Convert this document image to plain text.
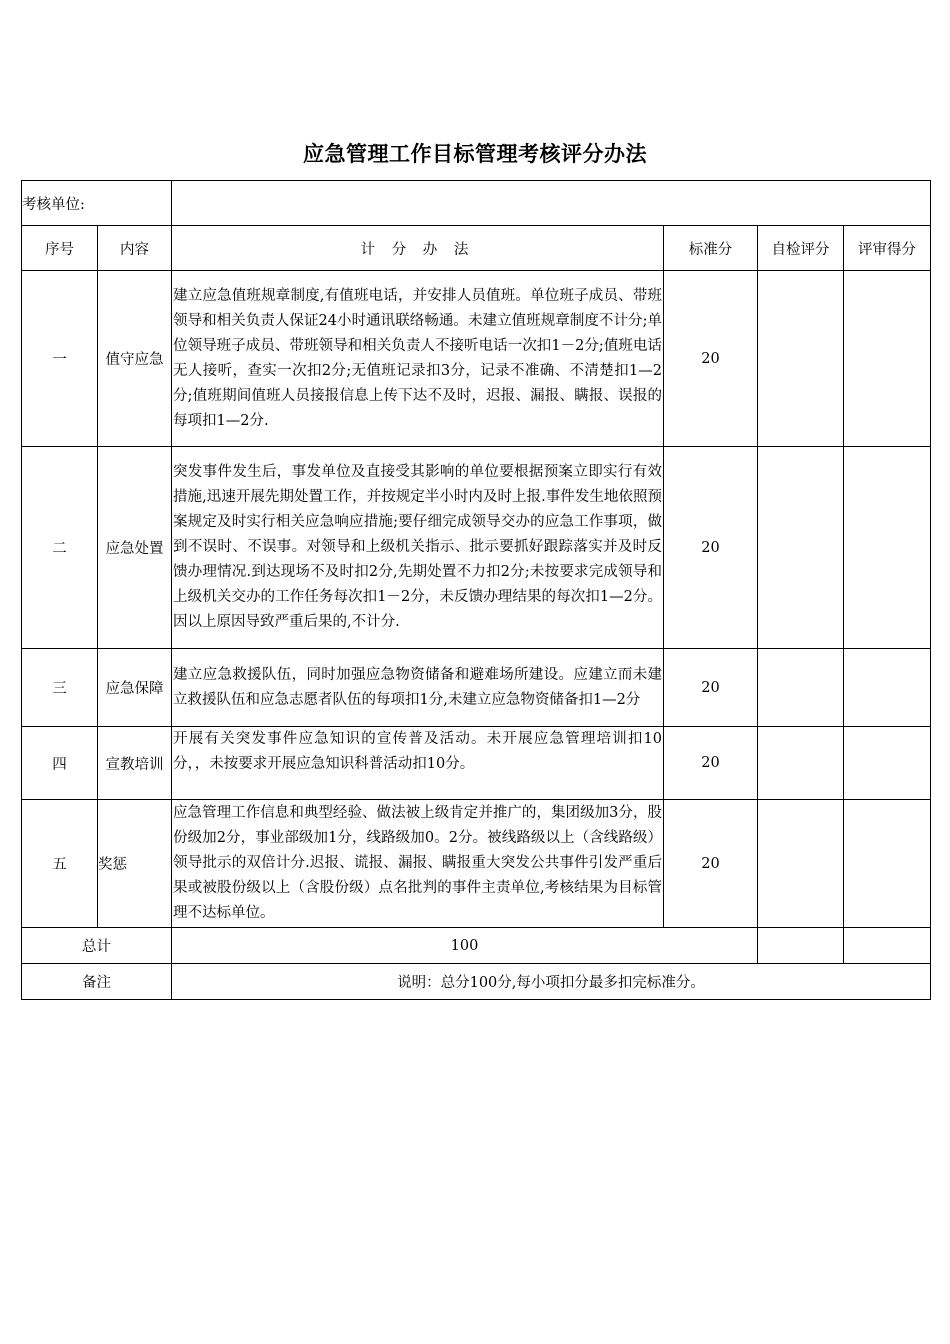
应急管理工作目标管理考核评分办法
考核单位:					
序号	内容	计 分 办 法	标准分	自检评分	评审得分
一	值守应急	建立应急值班规章制度,有值班电话，并安排人员值班。单位班子成员、带班领导和相关负责人保证24小时通讯联络畅通。未建立值班规章制度不计分;单位领导班子成员、带班领导和相关负责人不接听电话一次扣1－2分;值班电话无人接听，查实一次扣2分;无值班记录扣3分，记录不准确、不清楚扣1—2分;值班期间值班人员接报信息上传下达不及时，迟报、漏报、瞒报、误报的每项扣1—2分.	20		
二	应急处置	突发事件发生后，事发单位及直接受其影响的单位要根据预案立即实行有效措施,迅速开展先期处置工作，并按规定半小时内及时上报.事件发生地依照预案规定及时实行相关应急响应措施;要仔细完成领导交办的应急工作事项，做到不误时、不误事。对领导和上级机关指示、批示要抓好跟踪落实并及时反馈办理情况.到达现场不及时扣2分,先期处置不力扣2分;未按要求完成领导和上级机关交办的工作任务每次扣1－2分，未反馈办理结果的每次扣1—2分。因以上原因导致严重后果的,不计分.	20		
三	应急保障	建立应急救援队伍，同时加强应急物资储备和避难场所建设。应建立而未建立救援队伍和应急志愿者队伍的每项扣1分,未建立应急物资储备扣1—2分	20		
四	宣教培训	开展有关突发事件应急知识的宣传普及活动。未开展应急管理培训扣10分，，未按要求开展应急知识科普活动扣10分。	20		
五	奖惩	应急管理工作信息和典型经验、做法被上级肯定并推广的，集团级加3分，股份级加2分，事业部级加1分，线路级加0。2分。被线路级以上（含线路级）领导批示的双倍计分.迟报、谎报、漏报、瞒报重大突发公共事件引发严重后果或被股份级以上（含股份级）点名批判的事件主责单位,考核结果为目标管理不达标单位。	20		
总计		100			
备注		说明：总分100分,每小项扣分最多扣完标准分。			
